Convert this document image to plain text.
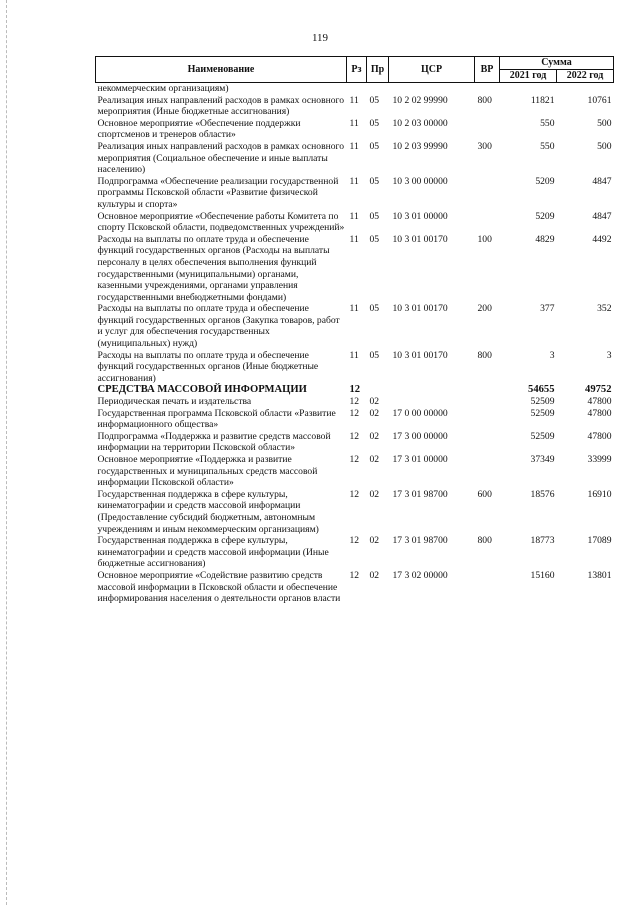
119
Наименование	Рз	Пр	ЦСР	ВР	Сумма	
					2021 год	2022 год
некоммерческим организациям)						
Реализация иных направлений расходов в рамках основного мероприятия (Иные бюджетные ассигнования)	11	05	10 2 02 99990	800	11821	10761
Основное мероприятие «Обеспечение поддержки спортсменов и тренеров области»	11	05	10 2 03 00000		550	500
Реализация иных направлений расходов в рамках основного мероприятия (Социальное обеспечение и иные выплаты населению)	11	05	10 2 03 99990	300	550	500
Подпрограмма «Обеспечение реализации государственной программы Псковской области «Развитие физической культуры и спорта»	11	05	10 3 00 00000		5209	4847
Основное мероприятие «Обеспечение работы Комитета по спорту Псковской области, подведомственных учреждений»	11	05	10 3 01 00000		5209	4847
Расходы на выплаты по оплате труда и обеспечение функций государственных органов (Расходы на выплаты персоналу в целях обеспечения выполнения функций государственными (муниципальными) органами, казенными учреждениями, органами управления государственными внебюджетными фондами)	11	05	10 3 01 00170	100	4829	4492
Расходы на выплаты по оплате труда и обеспечение функций государственных органов (Закупка товаров, работ и услуг для обеспечения государственных (муниципальных) нужд)	11	05	10 3 01 00170	200	377	352
Расходы на выплаты по оплате труда и обеспечение функций государственных органов (Иные бюджетные ассигнования)	11	05	10 3 01 00170	800	3	3
СРЕДСТВА МАССОВОЙ ИНФОРМАЦИИ	12				54655	49752
Периодическая печать и издательства	12	02			52509	47800
Государственная программа Псковской области «Развитие информационного общества»	12	02	17 0 00 00000		52509	47800
Подпрограмма «Поддержка и развитие средств массовой информации на территории Псковской области»	12	02	17 3 00 00000		52509	47800
Основное мероприятие «Поддержка и развитие государственных и муниципальных средств массовой информации Псковской области»	12	02	17 3 01 00000		37349	33999
Государственная поддержка в сфере культуры, кинематографии и средств массовой информации (Предоставление субсидий бюджетным, автономным учреждениям и иным некоммерческим организациям)	12	02	17 3 01 98700	600	18576	16910
Государственная поддержка в сфере культуры, кинематографии и средств массовой информации (Иные бюджетные ассигнования)	12	02	17 3 01 98700	800	18773	17089
Основное мероприятие «Содействие развитию средств массовой информации в Псковской области и обеспечение информирования населения о деятельности органов власти	12	02	17 3 02 00000		15160	13801
